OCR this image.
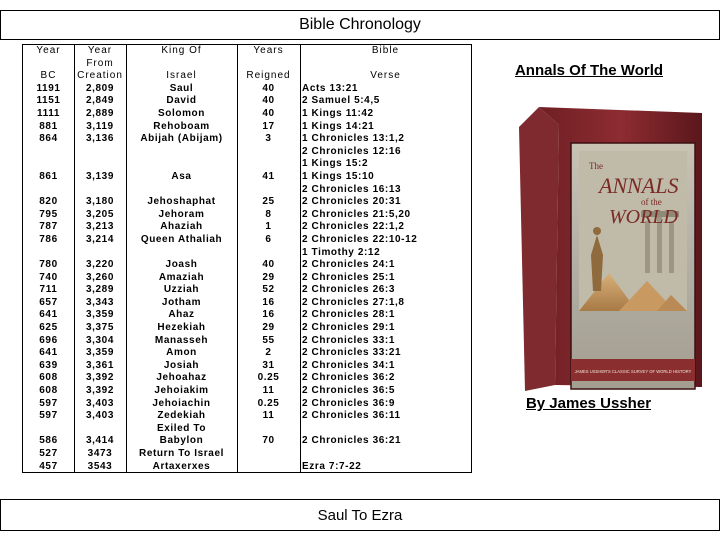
Bible Chronology
Year
BC
1191
1151
1111
881
864
861
820
795
787
786
780
740
711
657
641
625
696
641
639
608
608
597
597
586
527
457
Year
From
Creation
2,809
2,849
2,889
3,119
3,136
3,139
3,180
3,205
3,213
3,214
3,220
3,260
3,289
3,343
3,359
3,375
3,304
3,359
3,361
3,392
3,392
3,403
3,403
3,414
3473
3543
King Of
Israel
Saul
David
Solomon
Rehoboam
Abijah (Abijam)
Asa
Jehoshaphat
Jehoram
Ahaziah
Queen Athaliah
Joash
Amaziah
Uzziah
Jotham
Ahaz
Hezekiah
Manasseh
Amon
Josiah
Jehoahaz
Jehoiakim
Jehoiachin
Zedekiah
Exiled To
Babylon
Return To Israel
Artaxerxes
Years
Reigned
40
40
40
17
3
41
25
8
1
6
40
29
52
16
16
29
55
2
31
0.25
11
0.25
11
70
Bible
Verse
Acts 13:21
2 Samuel 5:4,5
1 Kings 11:42
1 Kings 14:21
1 Chronicles 13:1,2
2 Chronicles 12:16
1 Kings 15:2
1 Kings 15:10
2 Chronicles 16:13
2 Chronicles 20:31
2 Chronicles 21:5,20
2 Chronicles 22:1,2
2 Chronicles 22:10-12
1 Timothy 2:12
2 Chronicles 24:1
2 Chronicles 25:1
2 Chronicles 26:3
2 Chronicles 27:1,8
2 Chronicles 28:1
2 Chronicles 29:1
2 Chronicles 33:1
2 Chronicles 33:21
2 Chronicles 34:1
2 Chronicles 36:2
2 Chronicles 36:5
2 Chronicles 36:9
2 Chronicles 36:11
2 Chronicles 36:21
Ezra 7:7-22
Annals Of The World
The
ANNALS
of the
WORLD
JAMES USSHER'S CLASSIC SURVEY OF WORLD HISTORY
By James Ussher
Saul To Ezra
